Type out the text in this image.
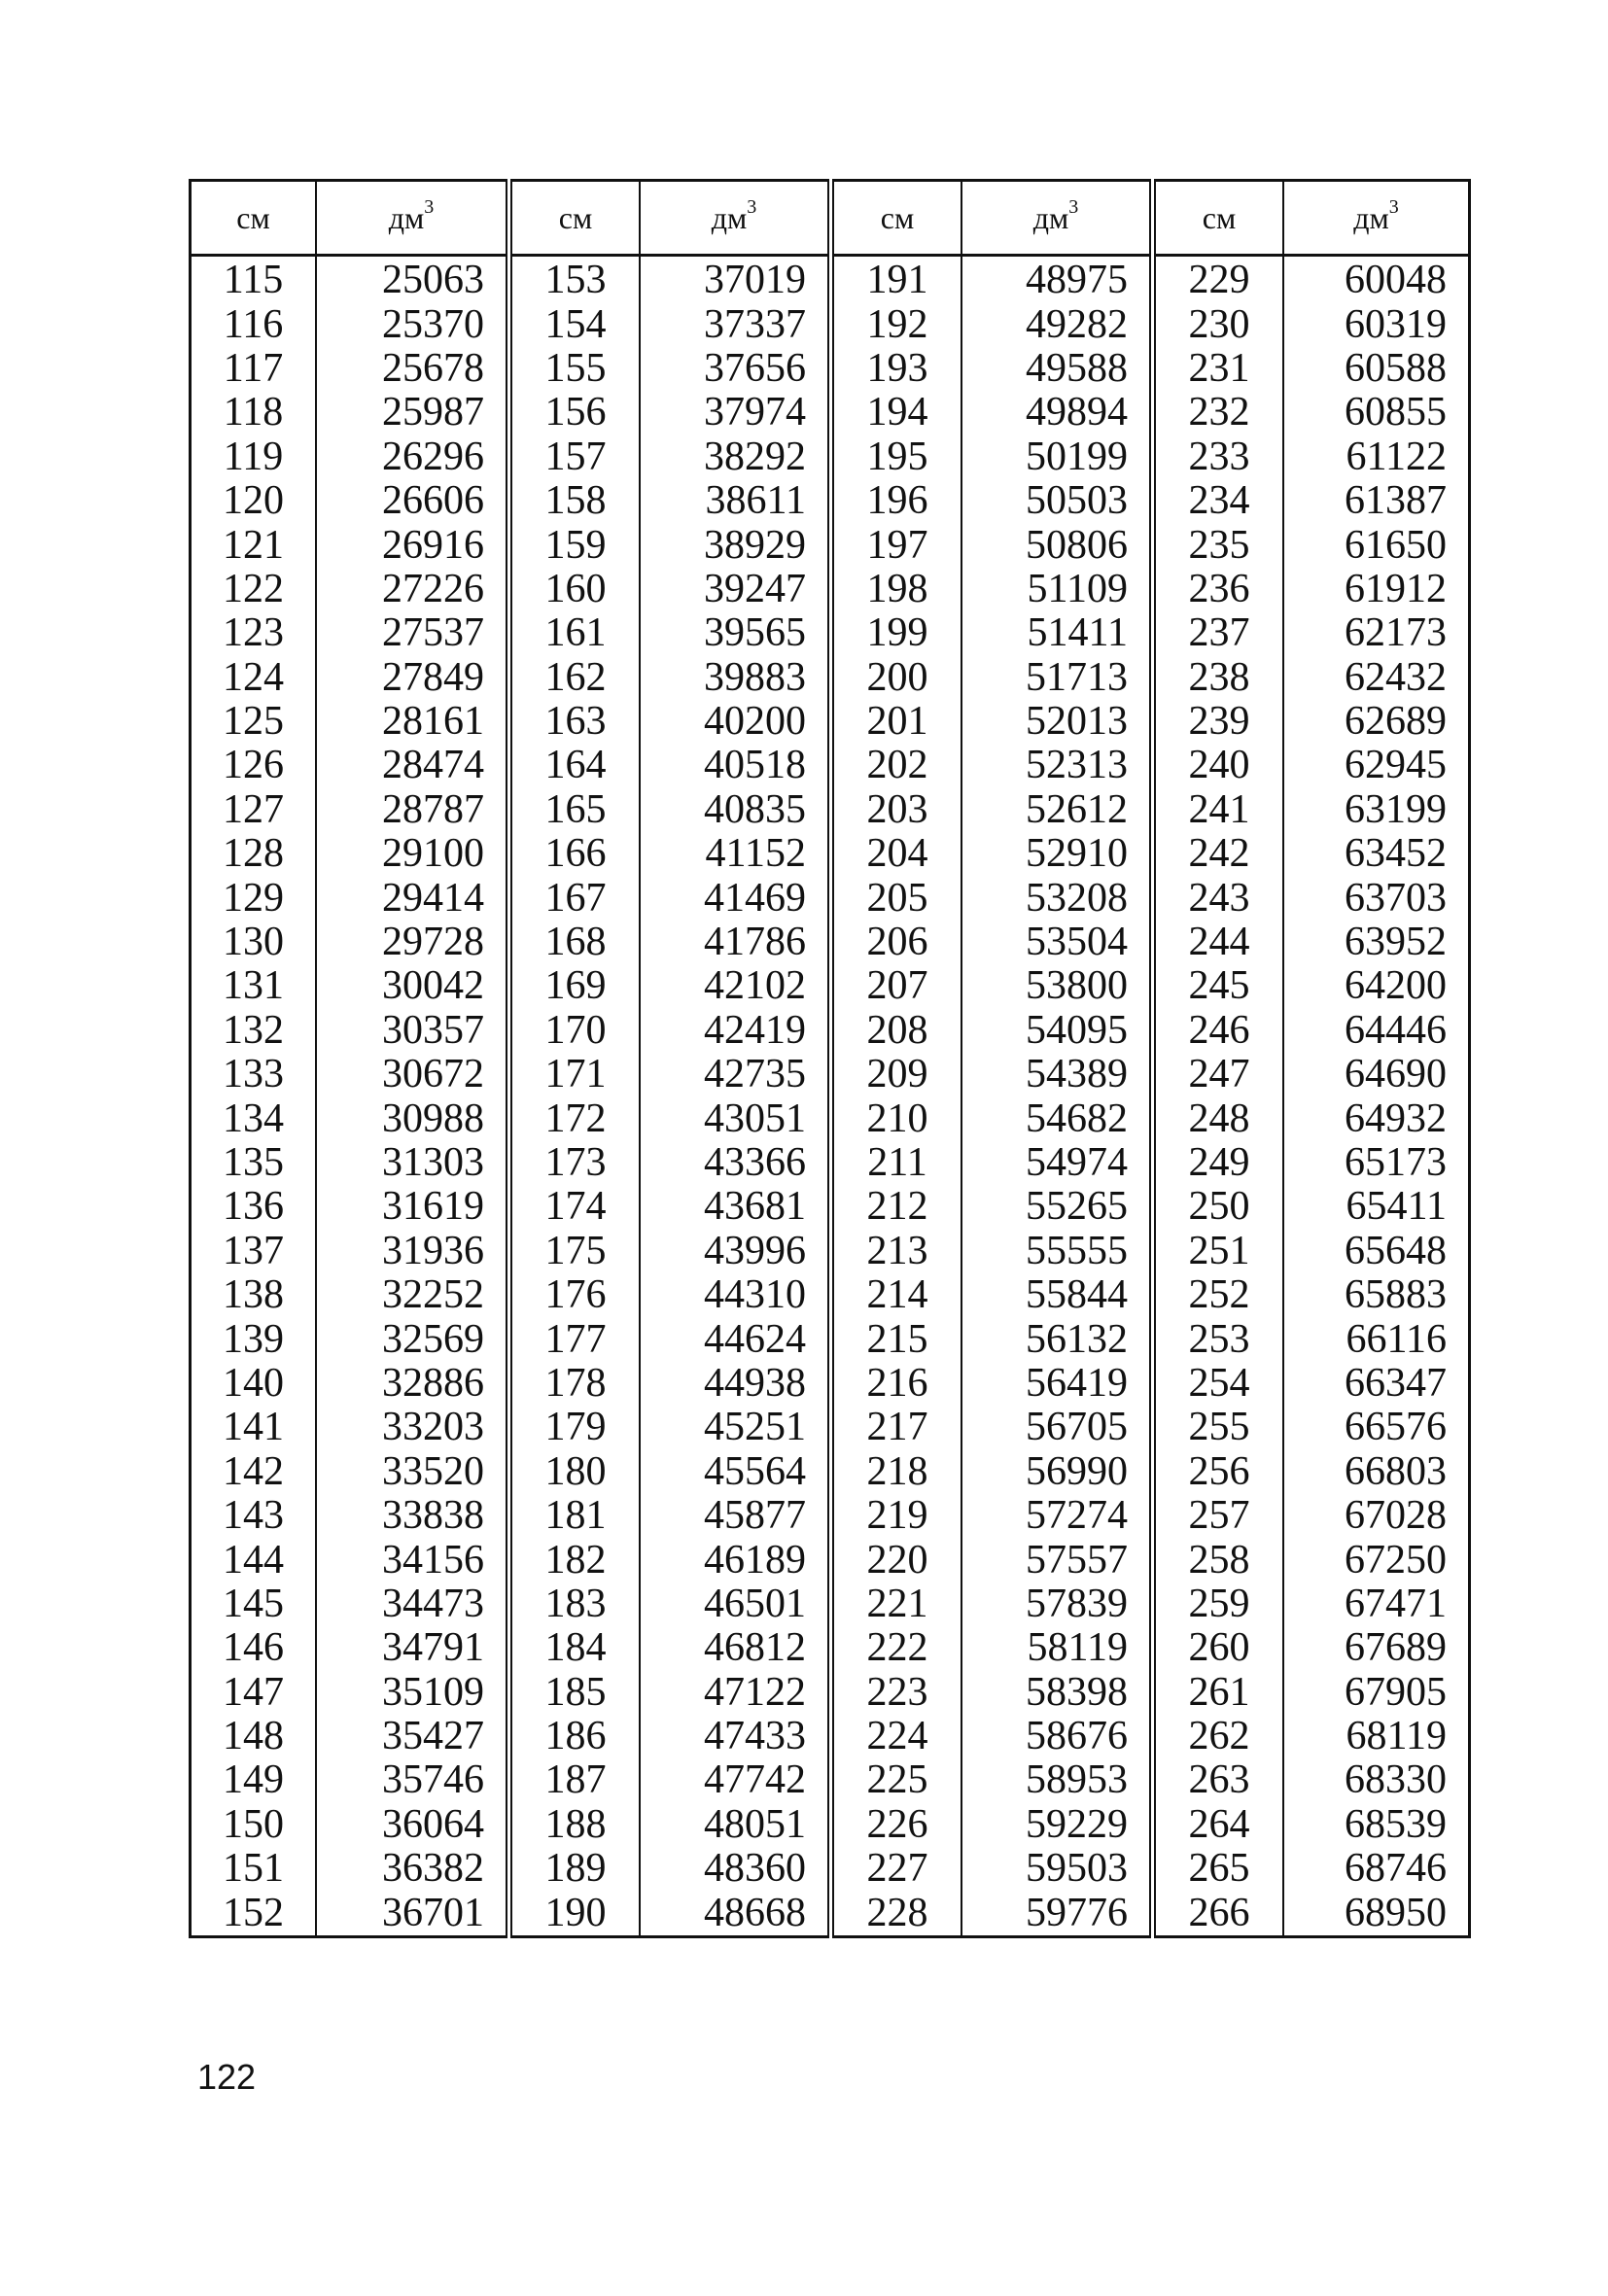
см	$дм^3$	см	$дм^3$	см	$дм^3$	см	$дм^3$
115	25063	153	37019	191	48975	229	60048
116	25370	154	37337	192	49282	230	60319
117	25678	155	37656	193	49588	231	60588
118	25987	156	37974	194	49894	232	60855
119	26296	157	38292	195	50199	233	61122
120	26606	158	38611	196	50503	234	61387
121	26916	159	38929	197	50806	235	61650
122	27226	160	39247	198	51109	236	61912
123	27537	161	39565	199	51411	237	62173
124	27849	162	39883	200	51713	238	62432
125	28161	163	40200	201	52013	239	62689
126	28474	164	40518	202	52313	240	62945
127	28787	165	40835	203	52612	241	63199
128	29100	166	41152	204	52910	242	63452
129	29414	167	41469	205	53208	243	63703
130	29728	168	41786	206	53504	244	63952
131	30042	169	42102	207	53800	245	64200
132	30357	170	42419	208	54095	246	64446
133	30672	171	42735	209	54389	247	64690
134	30988	172	43051	210	54682	248	64932
135	31303	173	43366	211	54974	249	65173
136	31619	174	43681	212	55265	250	65411
137	31936	175	43996	213	55555	251	65648
138	32252	176	44310	214	55844	252	65883
139	32569	177	44624	215	56132	253	66116
140	32886	178	44938	216	56419	254	66347
141	33203	179	45251	217	56705	255	66576
142	33520	180	45564	218	56990	256	66803
143	33838	181	45877	219	57274	257	67028
144	34156	182	46189	220	57557	258	67250
145	34473	183	46501	221	57839	259	67471
146	34791	184	46812	222	58119	260	67689
147	35109	185	47122	223	58398	261	67905
148	35427	186	47433	224	58676	262	68119
149	35746	187	47742	225	58953	263	68330
150	36064	188	48051	226	59229	264	68539
151	36382	189	48360	227	59503	265	68746
152	36701	190	48668	228	59776	266	68950
122
